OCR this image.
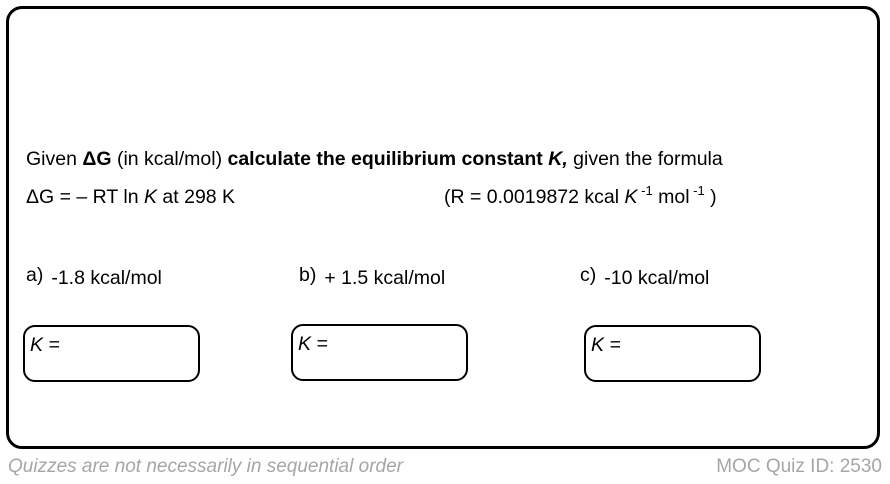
Given ΔG (in kcal/mol) calculate the equilibrium constant K, given the formula
ΔG = – RT ln K at 298 K	(R = 0.0019872 kcal K $^{-1}$ mol $^{-1}$ )
a) -1.8 kcal/mol	b) + 1.5 kcal/mol	c) -10 kcal/mol
K =	K =	K =
Quizzes are not necessarily in sequential order	MOC Quiz ID: 2530
